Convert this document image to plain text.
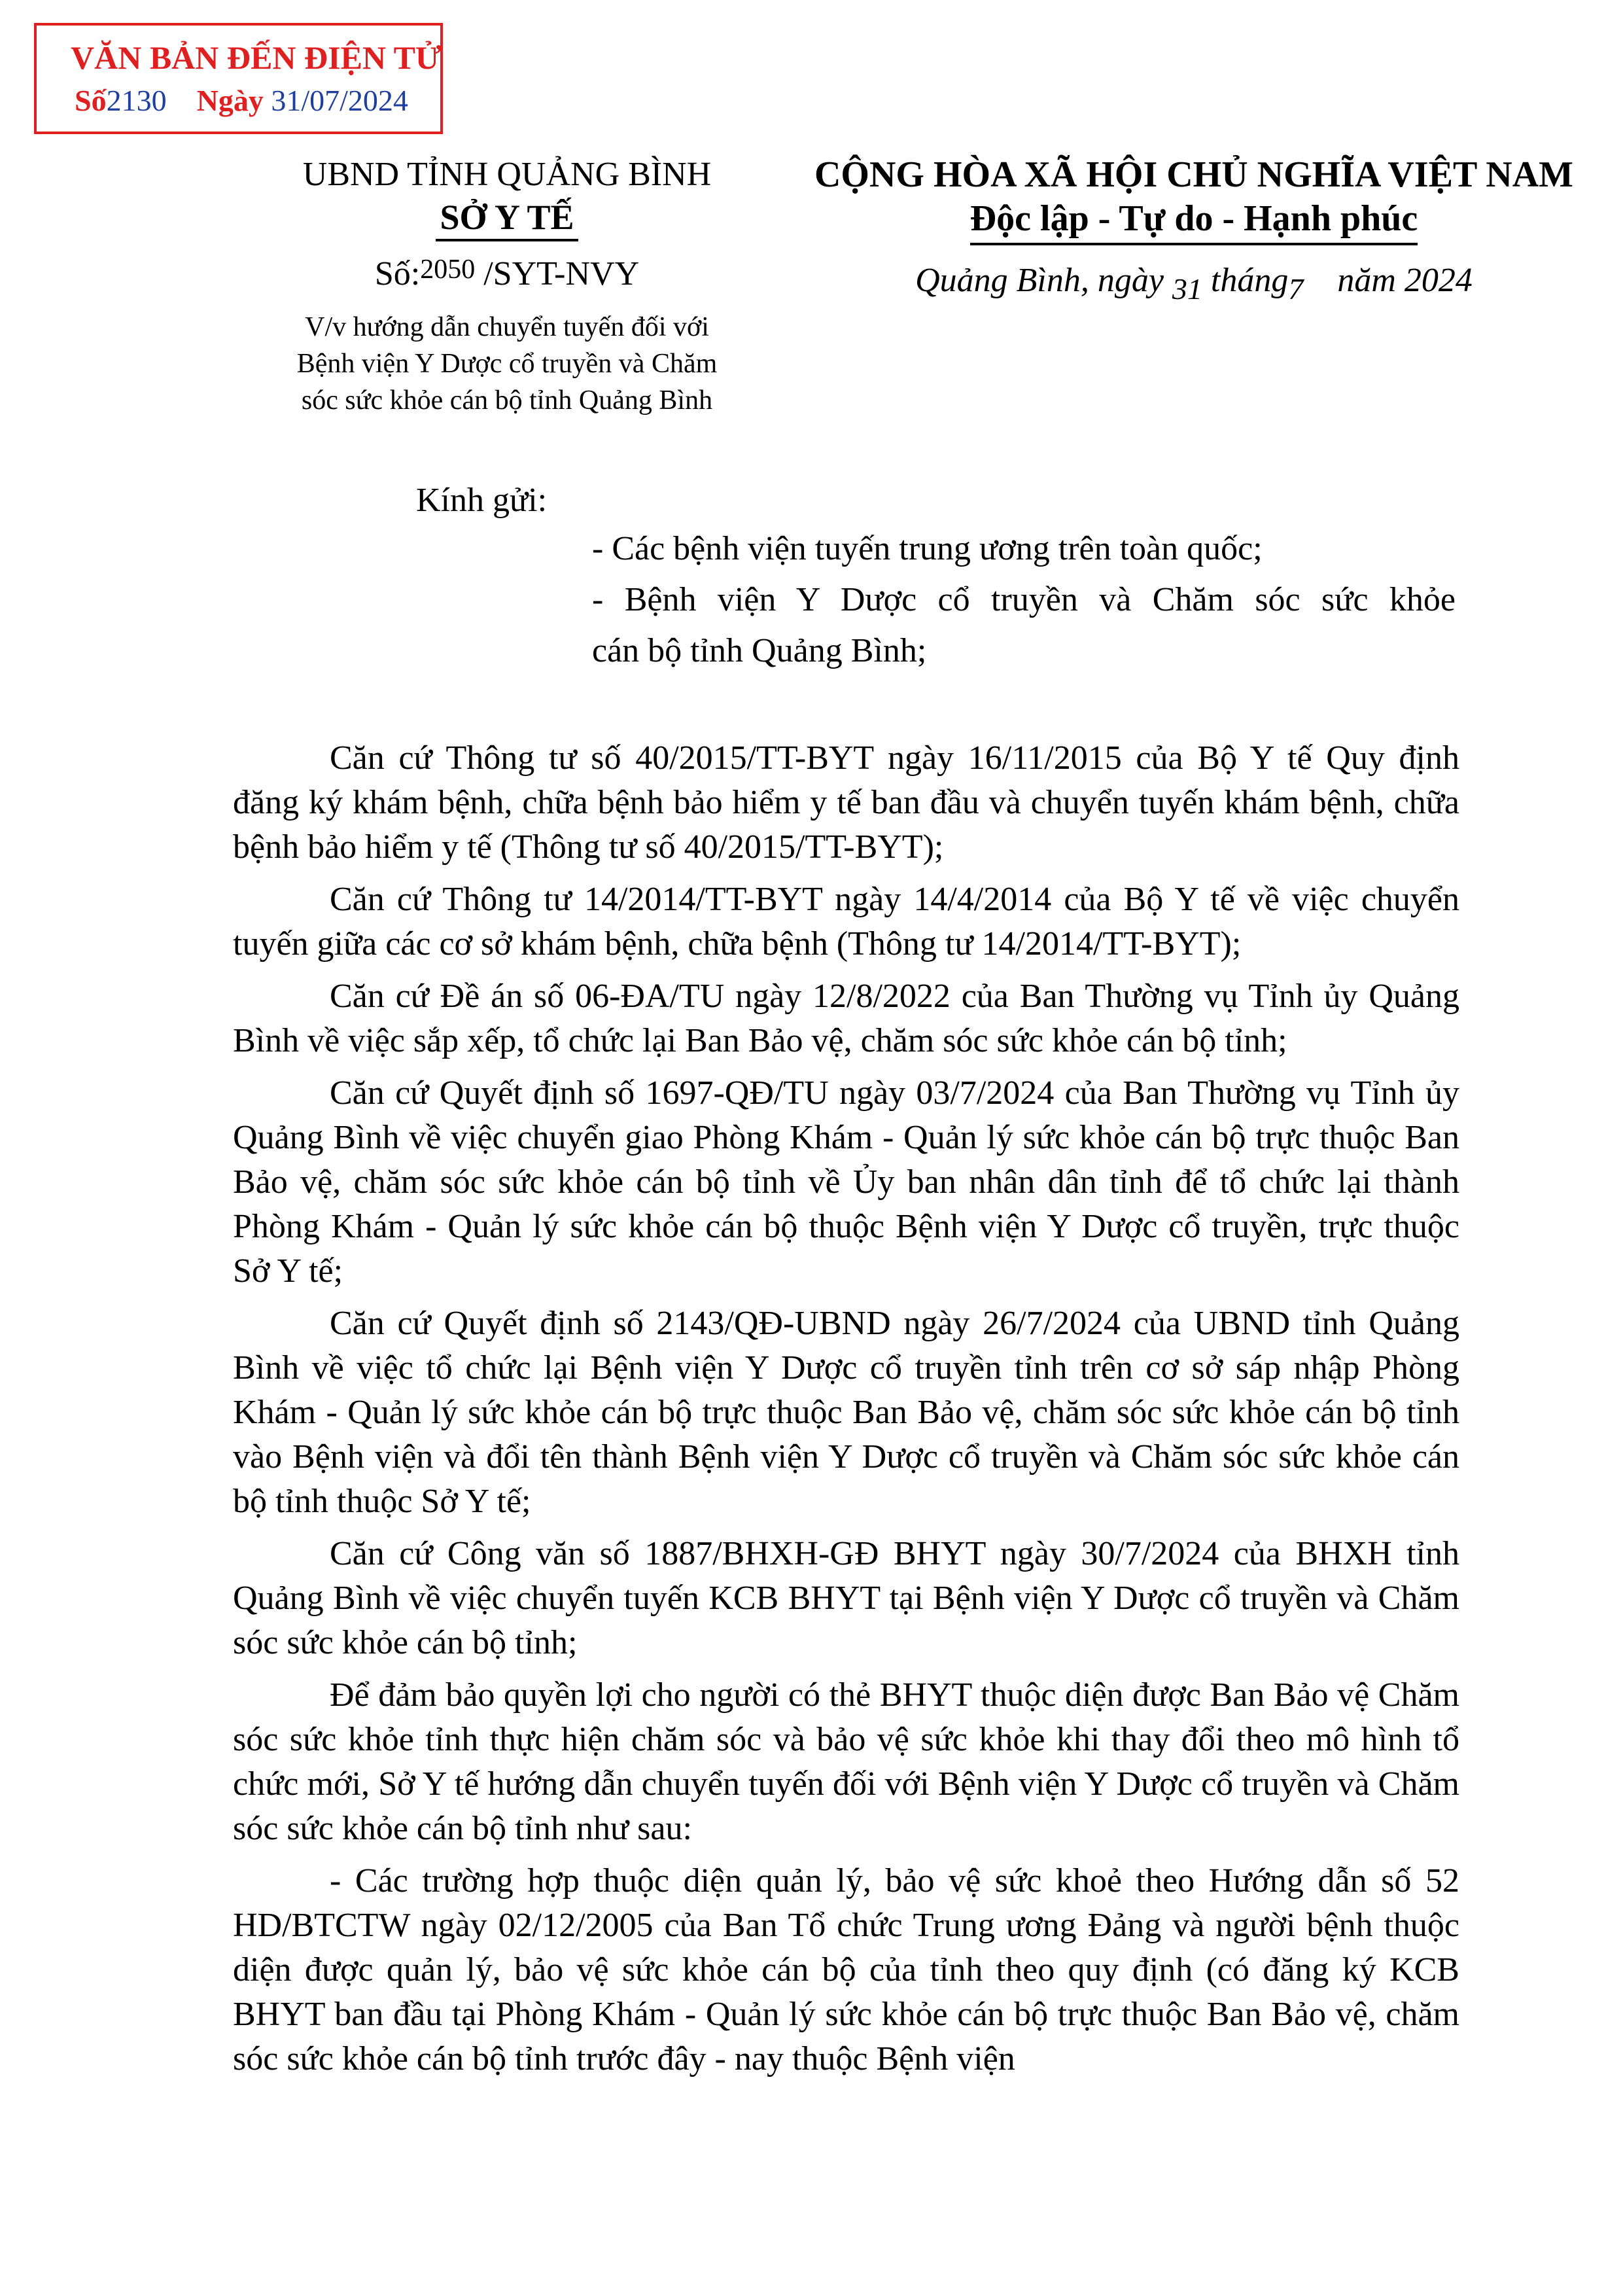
VĂN BẢN ĐẾN ĐIỆN TỬ
Số2130 Ngày 31/07/2024
UBND TỈNH QUẢNG BÌNH
SỞ Y TẾ
Số:2050 /SYT-NVY
V/v hướng dẫn chuyển tuyến đối với
Bệnh viện Y Dược cổ truyền và Chăm
sóc sức khỏe cán bộ tỉnh Quảng Bình
CỘNG HÒA XÃ HỘI CHỦ NGHĨA VIỆT NAM
Độc lập - Tự do - Hạnh phúc
Quảng Bình, ngày 31 tháng7 năm 2024
Kính gửi:
- Các bệnh viện tuyến trung ương trên toàn quốc;
- Bệnh viện Y Dược cổ truyền và Chăm sóc sức khỏe
cán bộ tỉnh Quảng Bình;

Căn cứ Thông tư số 40/2015/TT-BYT ngày 16/11/2015 của Bộ Y tế Quy định đăng ký khám bệnh, chữa bệnh bảo hiểm y tế ban đầu và chuyển tuyến khám bệnh, chữa bệnh bảo hiểm y tế (Thông tư số 40/2015/TT-BYT);

Căn cứ Thông tư 14/2014/TT-BYT ngày 14/4/2014 của Bộ Y tế về việc chuyển tuyến giữa các cơ sở khám bệnh, chữa bệnh (Thông tư 14/2014/TT-BYT);

Căn cứ Đề án số 06-ĐA/TU ngày 12/8/2022 của Ban Thường vụ Tỉnh ủy Quảng Bình về việc sắp xếp, tổ chức lại Ban Bảo vệ, chăm sóc sức khỏe cán bộ tỉnh;

Căn cứ Quyết định số 1697-QĐ/TU ngày 03/7/2024 của Ban Thường vụ Tỉnh ủy Quảng Bình về việc chuyển giao Phòng Khám - Quản lý sức khỏe cán bộ trực thuộc Ban Bảo vệ, chăm sóc sức khỏe cán bộ tỉnh về Ủy ban nhân dân tỉnh để tổ chức lại thành Phòng Khám - Quản lý sức khỏe cán bộ thuộc Bệnh viện Y Dược cổ truyền, trực thuộc Sở Y tế;

Căn cứ Quyết định số 2143/QĐ-UBND ngày 26/7/2024 của UBND tỉnh Quảng Bình về việc tổ chức lại Bệnh viện Y Dược cổ truyền tỉnh trên cơ sở sáp nhập Phòng Khám - Quản lý sức khỏe cán bộ trực thuộc Ban Bảo vệ, chăm sóc sức khỏe cán bộ tỉnh vào Bệnh viện và đổi tên thành Bệnh viện Y Dược cổ truyền và Chăm sóc sức khỏe cán bộ tỉnh thuộc Sở Y tế;

Căn cứ Công văn số 1887/BHXH-GĐ BHYT ngày 30/7/2024 của BHXH tỉnh Quảng Bình về việc chuyển tuyến KCB BHYT tại Bệnh viện Y Dược cổ truyền và Chăm sóc sức khỏe cán bộ tỉnh;

Để đảm bảo quyền lợi cho người có thẻ BHYT thuộc diện được Ban Bảo vệ Chăm sóc sức khỏe tỉnh thực hiện chăm sóc và bảo vệ sức khỏe khi thay đổi theo mô hình tổ chức mới, Sở Y tế hướng dẫn chuyển tuyến đối với Bệnh viện Y Dược cổ truyền và Chăm sóc sức khỏe cán bộ tỉnh như sau:

- Các trường hợp thuộc diện quản lý, bảo vệ sức khoẻ theo Hướng dẫn số 52 HD/BTCTW ngày 02/12/2005 của Ban Tổ chức Trung ương Đảng và người bệnh thuộc diện được quản lý, bảo vệ sức khỏe cán bộ của tỉnh theo quy định (có đăng ký KCB BHYT ban đầu tại Phòng Khám - Quản lý sức khỏe cán bộ trực thuộc Ban Bảo vệ, chăm sóc sức khỏe cán bộ tỉnh trước đây - nay thuộc Bệnh viện
